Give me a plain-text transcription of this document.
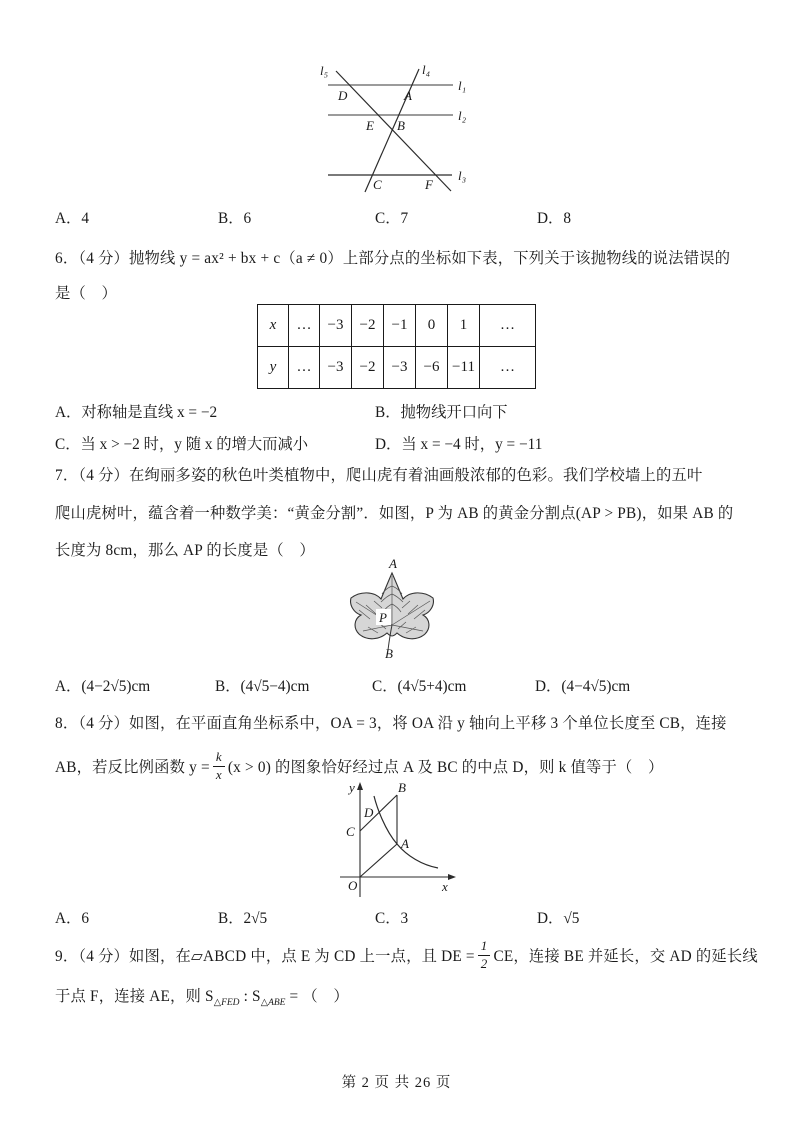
l₅	l₄
l₁
l₂
l₃
D	A
E B
C	F
A．4	B．6	C．7	D．8
6．（4 分）抛物线 y = ax² + bx + c（a ≠ 0）上部分点的坐标如下表，下列关于该抛物线的说法错误的
是（　）
x	…	−3	−2	−1	0	1	…
y	…	−3	−2	−3	−6	−11	…
A．对称轴是直线 x = −2	B．抛物线开口向下
C．当 x > −2 时，y 随 x 的增大而减小	D．当 x = −4 时，y = −11
7．（4 分）在绚丽多姿的秋色叶类植物中，爬山虎有着油画般浓郁的色彩。我们学校墙上的五叶
爬山虎树叶，蕴含着一种数学美：“黄金分割”．如图，P 为 AB 的黄金分割点(AP > PB)，如果 AB 的
长度为 8cm，那么 AP 的长度是（　）
A
P
B
A．(4−2√5)cm	B．(4√5−4)cm	C．(4√5+4)cm	D．(4−4√5)cm
8．（4 分）如图，在平面直角坐标系中，OA = 3，将 OA 沿 y 轴向上平移 3 个单位长度至 CB，连接
AB，若反比例函数 $y = \frac{k}{x} (x > 0)$ 的图象恰好经过点 A 及 BC 的中点 D，则 k 值等于（　）
y
x
O
C
B
D
A
A．6	B．2√5	C．3	D．√5
9．（4 分）如图，在▱ABCD 中，点 E 为 CD 上一点，且 DE = $\frac{1}{2}$ CE，连接 BE 并延长，交 AD 的延长线
于点 F，连接 AE，则 $S_{\triangle FED}$ : $S_{\triangle ABE}$ = （　）
第 2 页 共 26 页
